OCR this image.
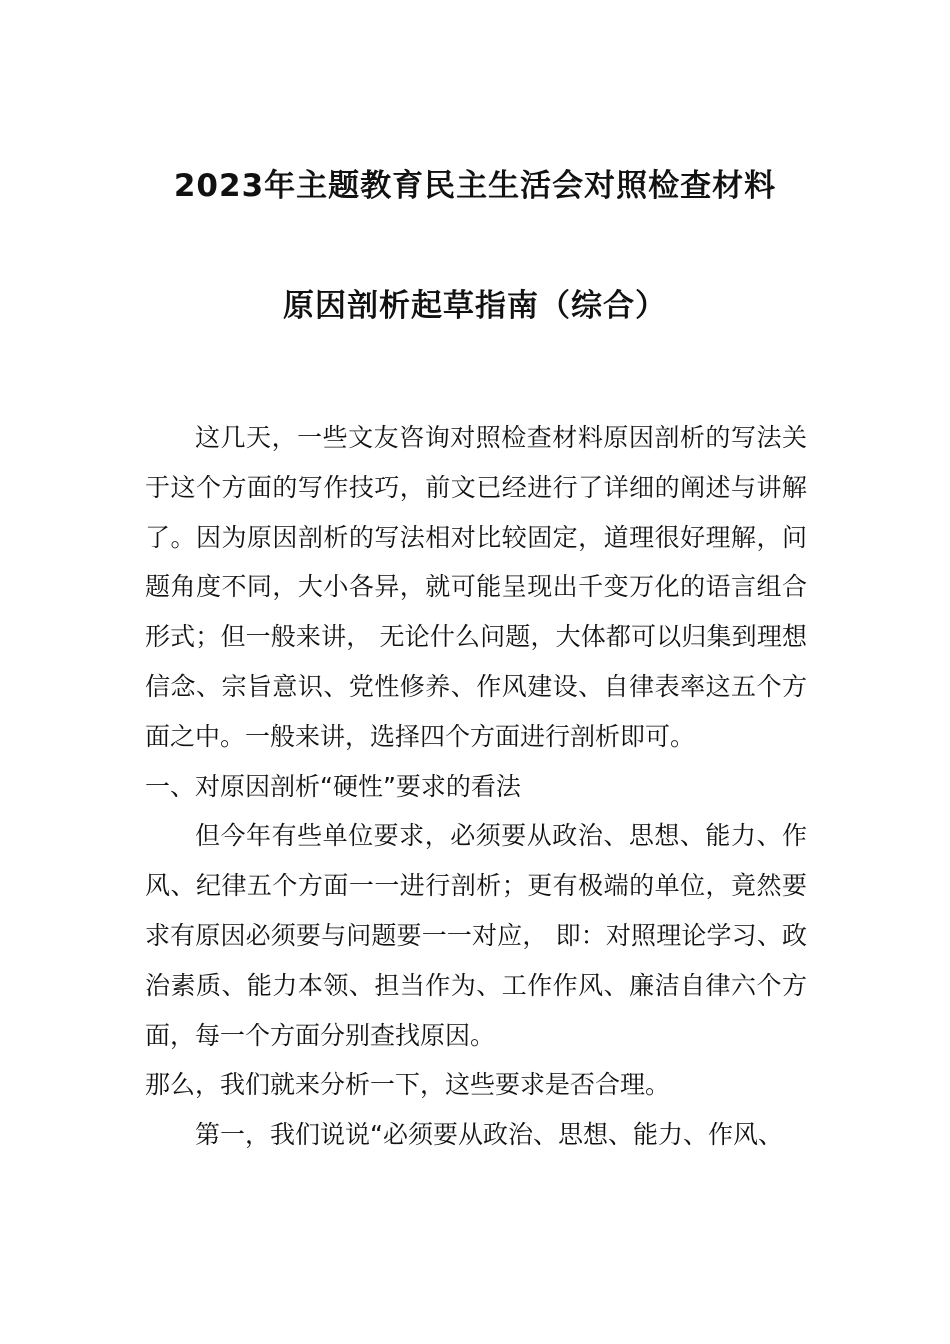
2023年主题教育民主生活会对照检查材料
原因剖析起草指南（综合）

这几天，一些文友咨询对照检查材料原因剖析的写法关于这个方面的写作技巧，前文已经进行了详细的阐述与讲解了。因为原因剖析的写法相对比较固定，道理很好理解，问题角度不同，大小各异，就可能呈现出千变万化的语言组合形式；但一般来讲， 无论什么问题，大体都可以归集到理想信念、宗旨意识、党性修养、作风建设、自律表率这五个方面之中。一般来讲，选择四个方面进行剖析即可。

一、对原因剖析“硬性”要求的看法

但今年有些单位要求，必须要从政治、思想、能力、作风、纪律五个方面一一进行剖析；更有极端的单位，竟然要求有原因必须要与问题要一一对应， 即：对照理论学习、政治素质、能力本领、担当作为、工作作风、廉洁自律六个方面，每一个方面分别查找原因。

那么，我们就来分析一下，这些要求是否合理。

第一，我们说说“必须要从政治、思想、能力、作风、
